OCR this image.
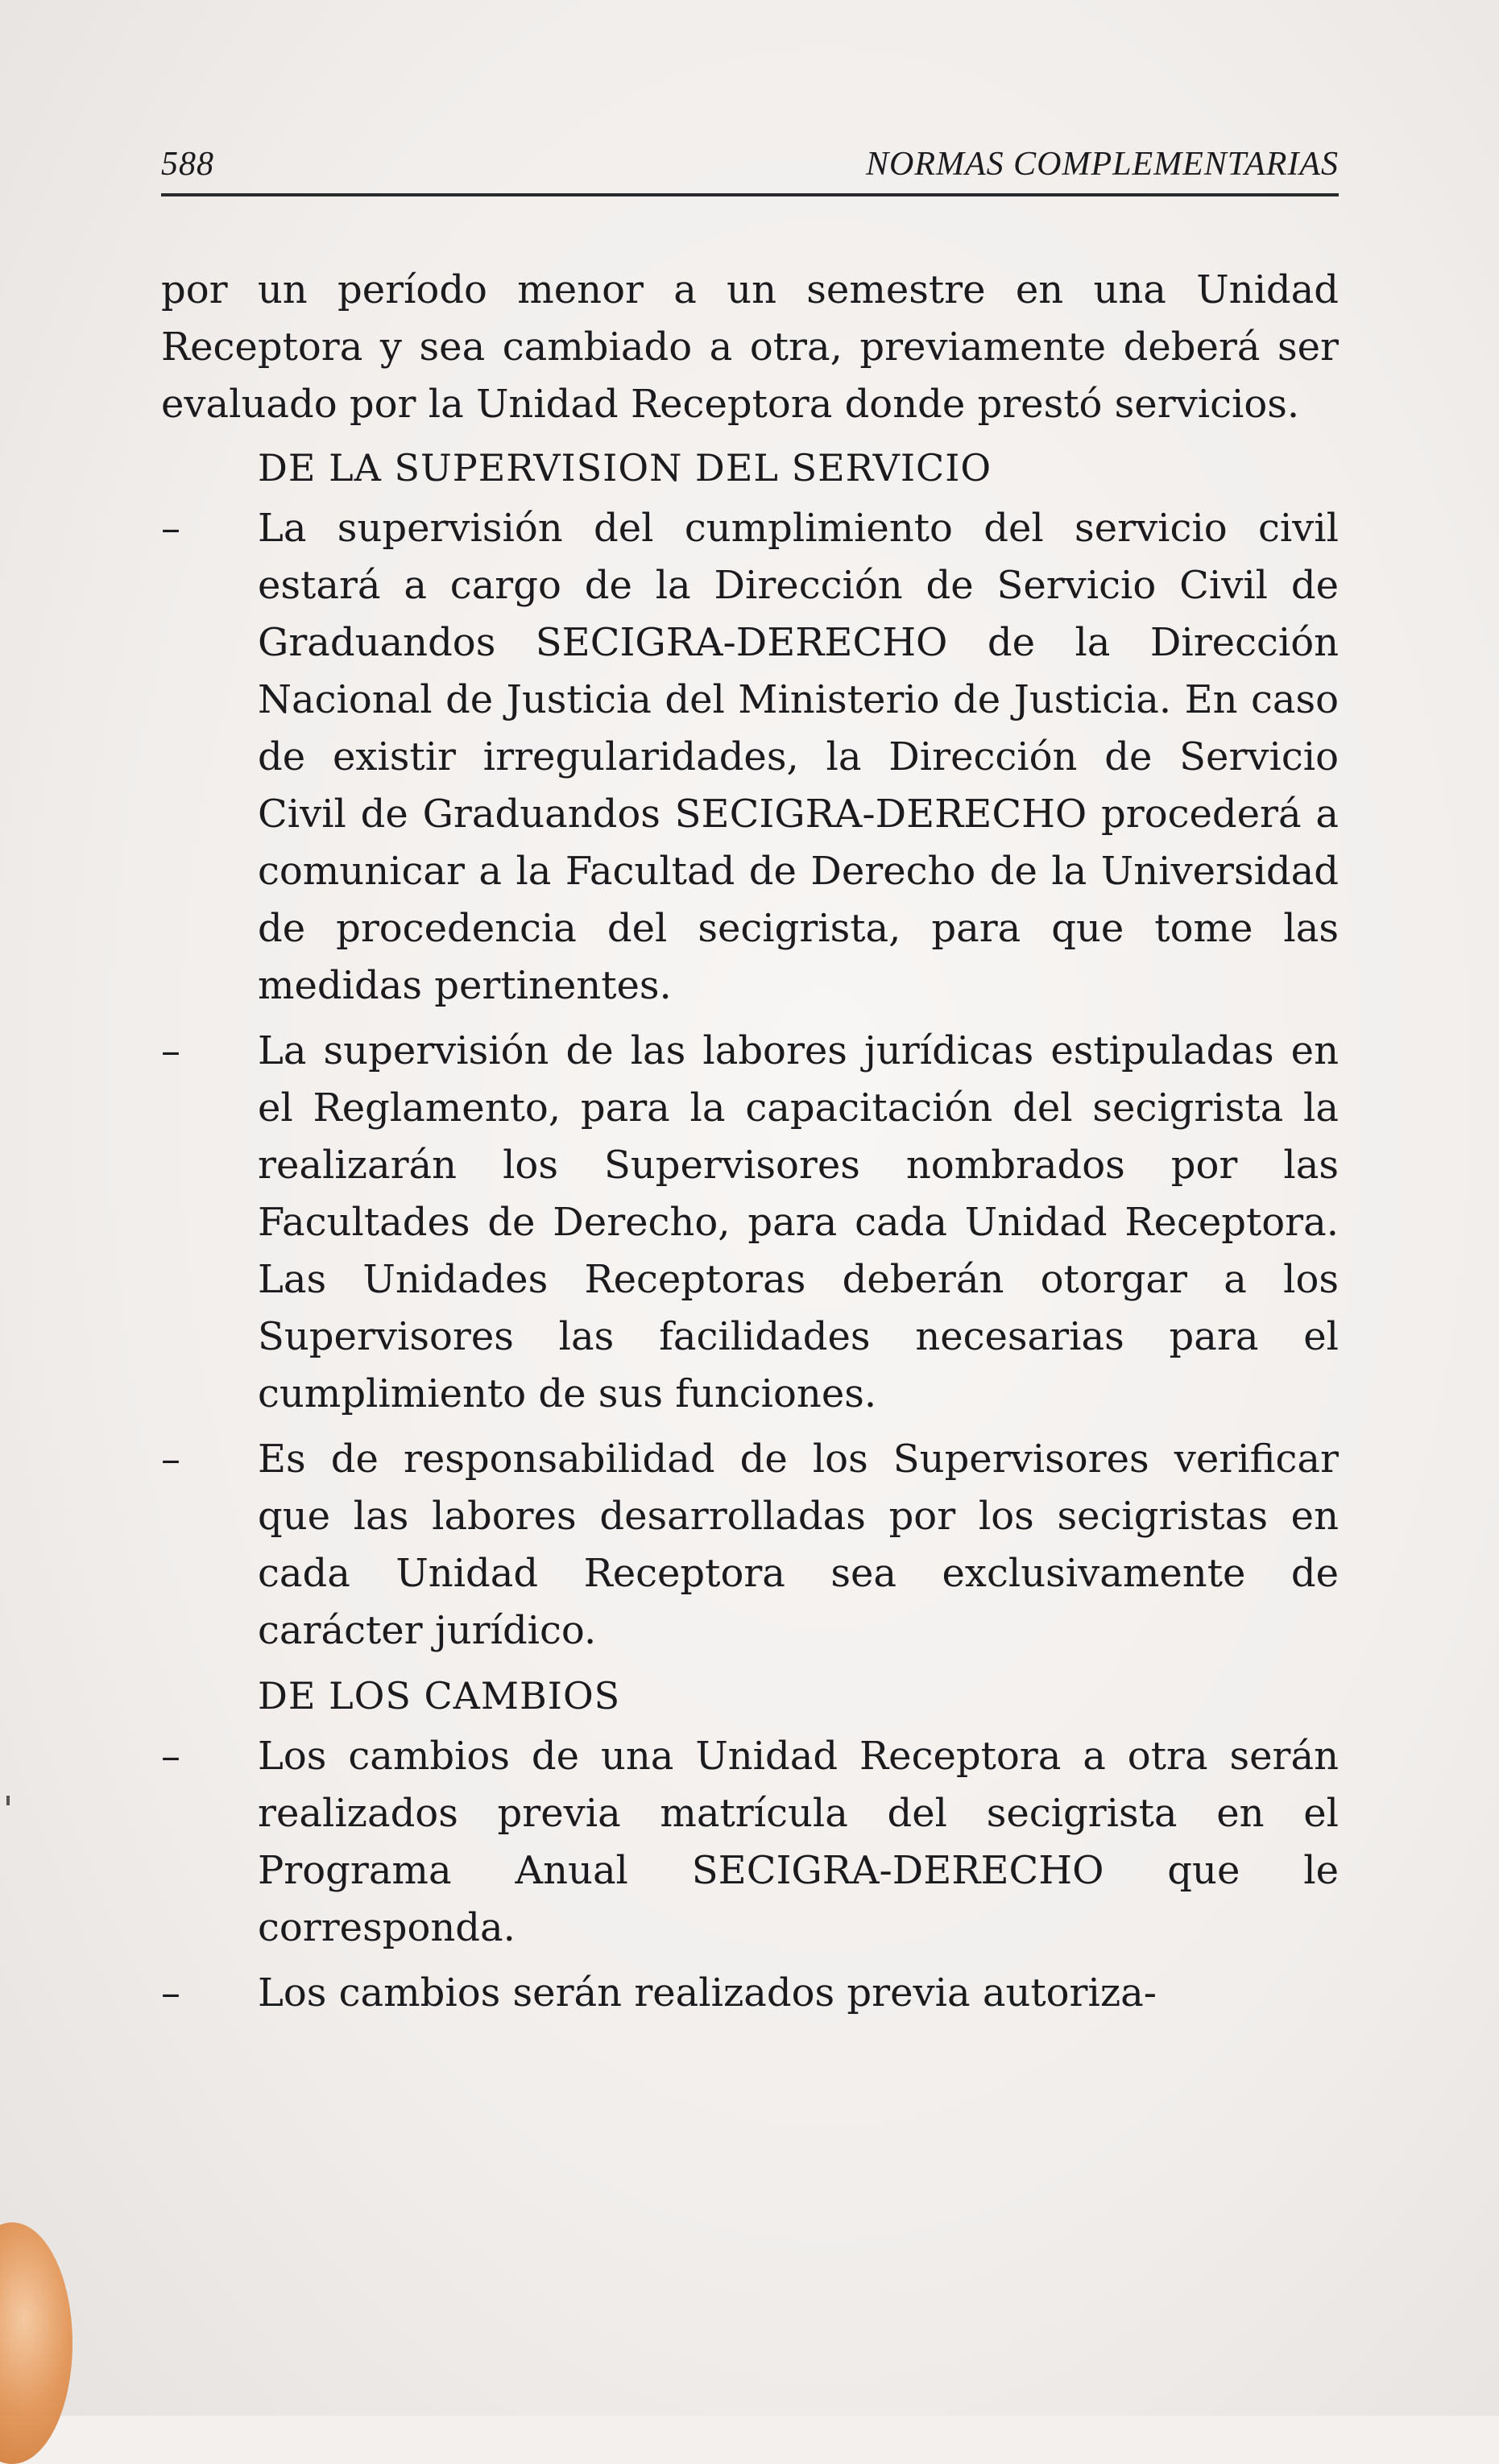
588	NORMAS COMPLEMENTARIAS

por un período menor a un semestre en una Unidad Receptora y sea cambiado a otra, previamente deberá ser evaluado por la Unidad Receptora donde prestó servicios.

DE LA SUPERVISION DEL SERVICIO
–	La supervisión del cumplimiento del servicio civil estará a cargo de la Dirección de Servicio Civil de Graduandos SECIGRA-DERECHO de la Dirección Nacional de Justicia del Ministerio de Justicia. En caso de existir irregularidades, la Dirección de Servicio Civil de Graduandos SECIGRA-DERECHO procederá a comunicar a la Facultad de Derecho de la Universidad de procedencia del secigrista, para que tome las medidas pertinentes.
–	La supervisión de las labores jurídicas estipuladas en el Reglamento, para la capacitación del secigrista la realizarán los Supervisores nombrados por las Facultades de Derecho, para cada Unidad Receptora. Las Unidades Receptoras deberán otorgar a los Supervisores las facilidades necesarias para el cumplimiento de sus funciones.
–	Es de responsabilidad de los Supervisores verificar que las labores desarrolladas por los secigristas en cada Unidad Receptora sea exclusivamente de carácter jurídico.
DE LOS CAMBIOS
–	Los cambios de una Unidad Receptora a otra serán realizados previa matrícula del secigrista en el Programa Anual SECIGRA-DERECHO que le corresponda.
–	Los cambios serán realizados previa autoriza-
